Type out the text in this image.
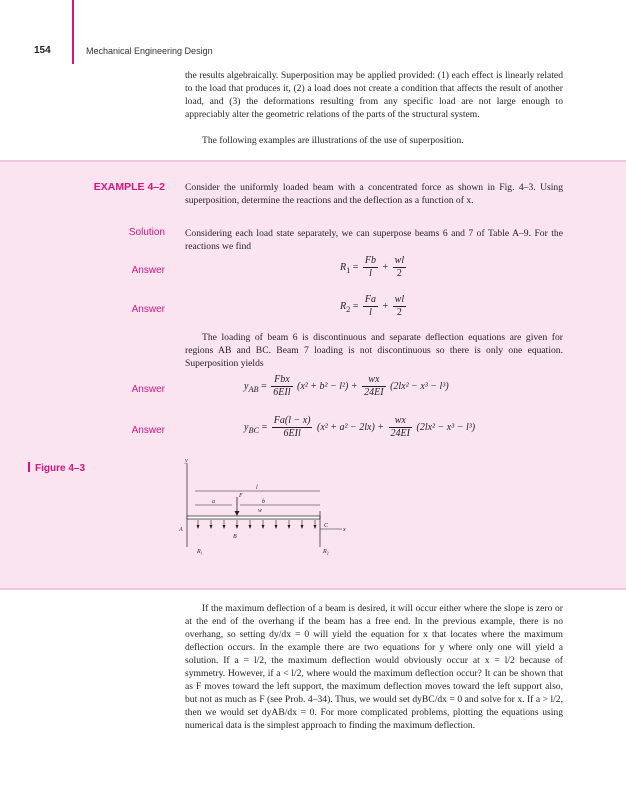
154	Mechanical Engineering Design

the results algebraically. Superposition may be applied provided: (1) each effect is linearly related to the load that produces it, (2) a load does not create a condition that affects the result of another load, and (3) the deformations resulting from any specific load are not large enough to appreciably alter the geometric relations of the parts of the structural system.

The following examples are illustrations of the use of superposition.

EXAMPLE 4–2 Consider the uniformly loaded beam with a concentrated force as shown in Fig. 4–3. Using superposition, determine the reactions and the deflection as a function of x.

Solution Considering each load state separately, we can superpose beams 6 and 7 of Table A–9. For the reactions we find

Answer	$R_1 = \frac{Fb}{l} + \frac{wl}{2}$
Answer	$R_2 = \frac{Fa}{l} + \frac{wl}{2}$

The loading of beam 6 is discontinuous and separate deflection equations are given for regions AB and BC. Beam 7 loading is not discontinuous so there is only one equation. Superposition yields

Answer	$y_{AB} = \frac{\text{Fbx}}{\text{6EIl}} (x^2 + b^2 - l^2) + \frac{wx}{24EI} (2lx^2 - x^3 - l^3)$
Answer	$y_{BC} = \frac{Fa(l - x)}{\text{6EIl}} (x^2 + a^2 - 2lx) + \frac{wx}{24EI} (2lx^2 - x^3 - l^3)$
Figure 4–3
y
x
l
a	b
F
w
A
B
C
$R_1$	$R_2$

If the maximum deflection of a beam is desired, it will occur either where the slope is zero or at the end of the overhang if the beam has a free end. In the previous example, there is no overhang, so setting dy/dx = 0 will yield the equation for x that locates where the maximum deflection occurs. In the example there are two equations for y where only one will yield a solution. If a = l/2, the maximum deflection would obviously occur at x = l/2 because of symmetry. However, if a < l/2, where would the maximum deflection occur? It can be shown that as F moves toward the left support, the maximum deflection moves toward the left support also, but not as much as F (see Prob. 4–34). Thus, we would set dyBC/dx = 0 and solve for x. If a > l/2, then we would set dyAB/dx = 0. For more complicated problems, plotting the equations using numerical data is the simplest approach to finding the maximum deflection.
